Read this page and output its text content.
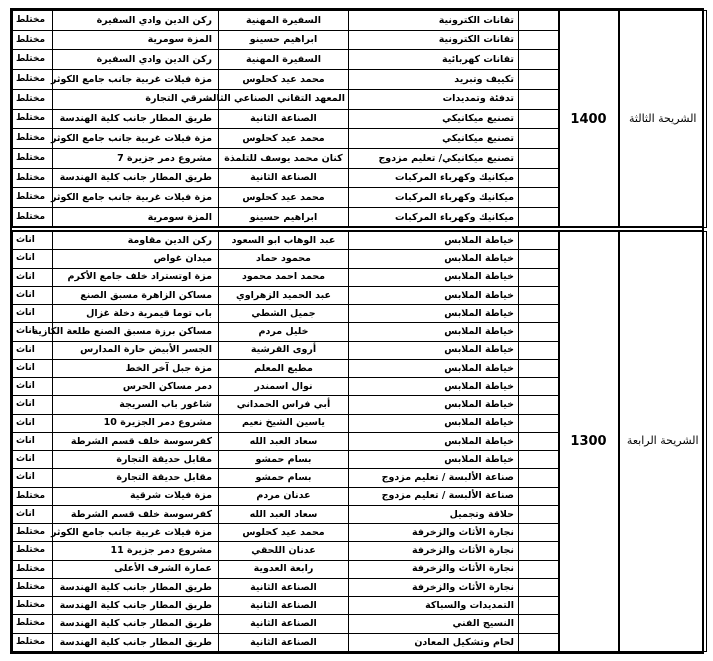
الشريحة الثالثة	1400		تقانات الكترونية	السفيرة المهنية	ركن الدين وادي السفيرة	مختلط
			تقانات الكترونية	ابراهيم حسينو	المزة سومرية	مختلط
			تقانات كهربائية	السفيرة المهنية	ركن الدين وادي السفيرة	مختلط
			تكييف وتبريد	محمد عيد كحلوس	مزة فيلات غربية جانب جامع الكوثر	مختلط
			تدفئة وتمديدات	المعهد التقاني الصناعي الثالث	شرقي التجارة	مختلط
			تصنيع ميكانيكي	الصناعة الثانية	طريق المطار جانب كلية الهندسة	مختلط
			تصنيع ميكانيكي	محمد عيد كحلوس	مزة فيلات غربية جانب جامع الكوثر	مختلط
			تصنيع ميكانيكي/ تعليم مزدوج	كنان محمد يوسف للتلمذة	مشروع دمر جزيرة 7	مختلط
			ميكانيك وكهرباء المركبات	الصناعة الثانية	طريق المطار جانب كلية الهندسة	مختلط
			ميكانيك وكهرباء المركبات	محمد عيد كحلوس	مزة فيلات غربية جانب جامع الكوثر	مختلط
			ميكانيك وكهرباء المركبات	ابراهيم حسينو	المزة سومرية	مختلط
الشريحة الرابعة	1300		خياطة الملابس	عبد الوهاب ابو السعود	ركن الدين مقاومة	اناث
			خياطة الملابس	محمود حماد	ميدان غواص	اناث
			خياطة الملابس	محمد احمد محمود	مزة اوتستراد خلف جامع الأكرم	اناث
			خياطة الملابس	عبد الحميد الزهراوي	مساكن الزاهرة مسبق الصنع	اناث
			خياطة الملابس	جميل الشطي	باب توما قيمرية دخلة غزال	اناث
			خياطة الملابس	خليل مردم	مساكن برزة مسبق الصنع طلعة الكازية	اناث
			خياطة الملابس	أروى القرشية	الجسر الأبيض حارة المدارس	اناث
			خياطة الملابس	مطيع المعلم	مزة جبل آخر الخط	اناث
			خياطة الملابس	نوال اسمندر	دمر مساكن الحرس	اناث
			خياطة الملابس	أبي فراس الحمداني	شاغور باب السريجة	اناث
			خياطة الملابس	ياسين الشيخ نعيم	مشروع دمر الجزيرة 10	اناث
			خياطة الملابس	سعاد العبد الله	كفرسوسة خلف قسم الشرطة	اناث
			خياطة الملابس	بسام حمشو	مقابل حديقة التجارة	اناث
			صناعة الألبسة / تعليم مزدوج	بسام حمشو	مقابل حديقة التجارة	اناث
			صناعة الألبسة / تعليم مزدوج	عدنان مردم	مزة فيلات شرقية	مختلط
			حلاقة وتجميل	سعاد العبد الله	كفرسوسة خلف قسم الشرطة	اناث
			نجارة الأثاث والزخرفة	محمد عيد كحلوس	مزة فيلات غربية جانب جامع الكوثر	مختلط
			نجارة الأثاث والزخرفة	عدنان اللحقي	مشروع دمر جزيرة 11	مختلط
			نجارة الأثاث والزخرفة	رابعة العدوية	عمارة الشرف الأعلى	مختلط
			نجارة الأثاث والزخرفة	الصناعة الثانية	طريق المطار جانب كلية الهندسة	مختلط
			التمديدات والسباكة	الصناعة الثانية	طريق المطار جانب كلية الهندسة	مختلط
			النسيج الفني	الصناعة الثانية	طريق المطار جانب كلية الهندسة	مختلط
			لحام وتشكيل المعادن	الصناعة الثانية	طريق المطار جانب كلية الهندسة	مختلط
